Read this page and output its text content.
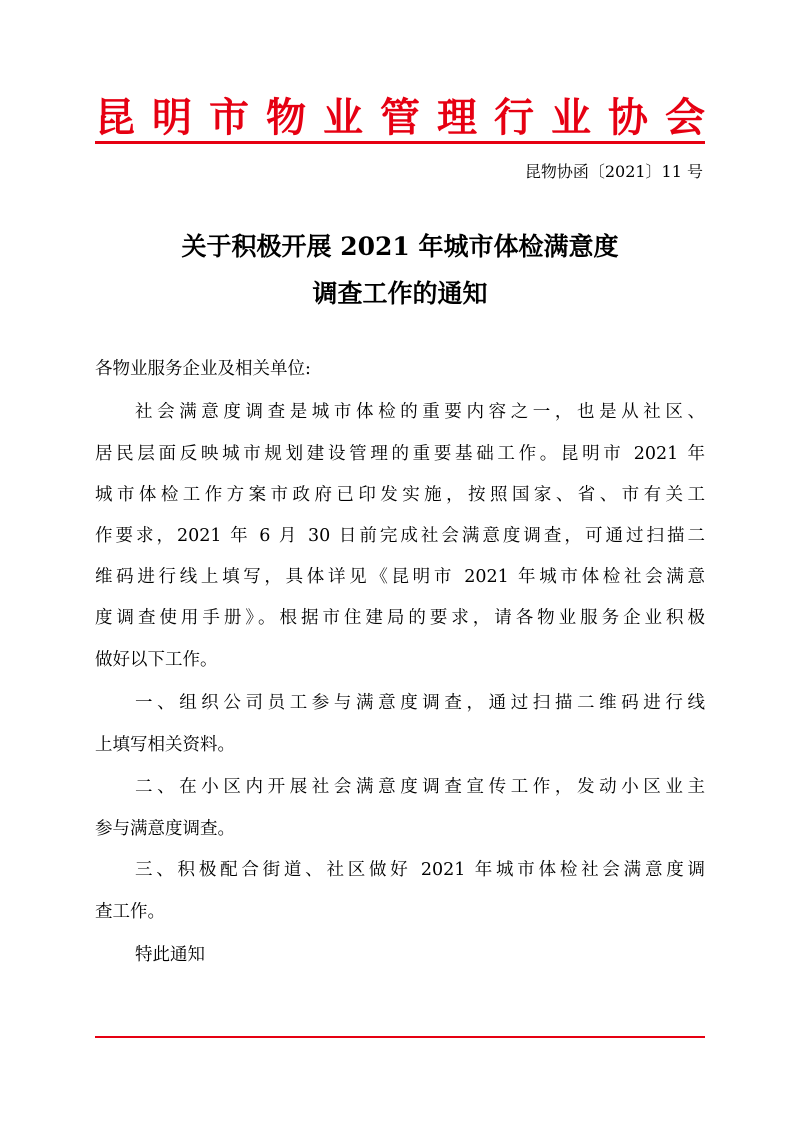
昆 明 市 物 业 管 理 行 业 协 会
昆物协函〔2021〕11 号
关于积极开展 2021 年城市体检满意度
调查工作的通知
各物业服务企业及相关单位:
社会满意度调查是城市体检的重要内容之一，也是从社区、
居民层面反映城市规划建设管理的重要基础工作。昆明市 2021 年
城市体检工作方案市政府已印发实施，按照国家、省、市有关工
作要求，2021 年 6 月 30 日前完成社会满意度调查，可通过扫描二
维码进行线上填写，具体详见《昆明市 2021 年城市体检社会满意
度调查使用手册》。根据市住建局的要求，请各物业服务企业积极
做好以下工作。
一、组织公司员工参与满意度调查，通过扫描二维码进行线
上填写相关资料。
二、在小区内开展社会满意度调查宣传工作，发动小区业主
参与满意度调查。
三、积极配合街道、社区做好 2021 年城市体检社会满意度调
查工作。
特此通知
